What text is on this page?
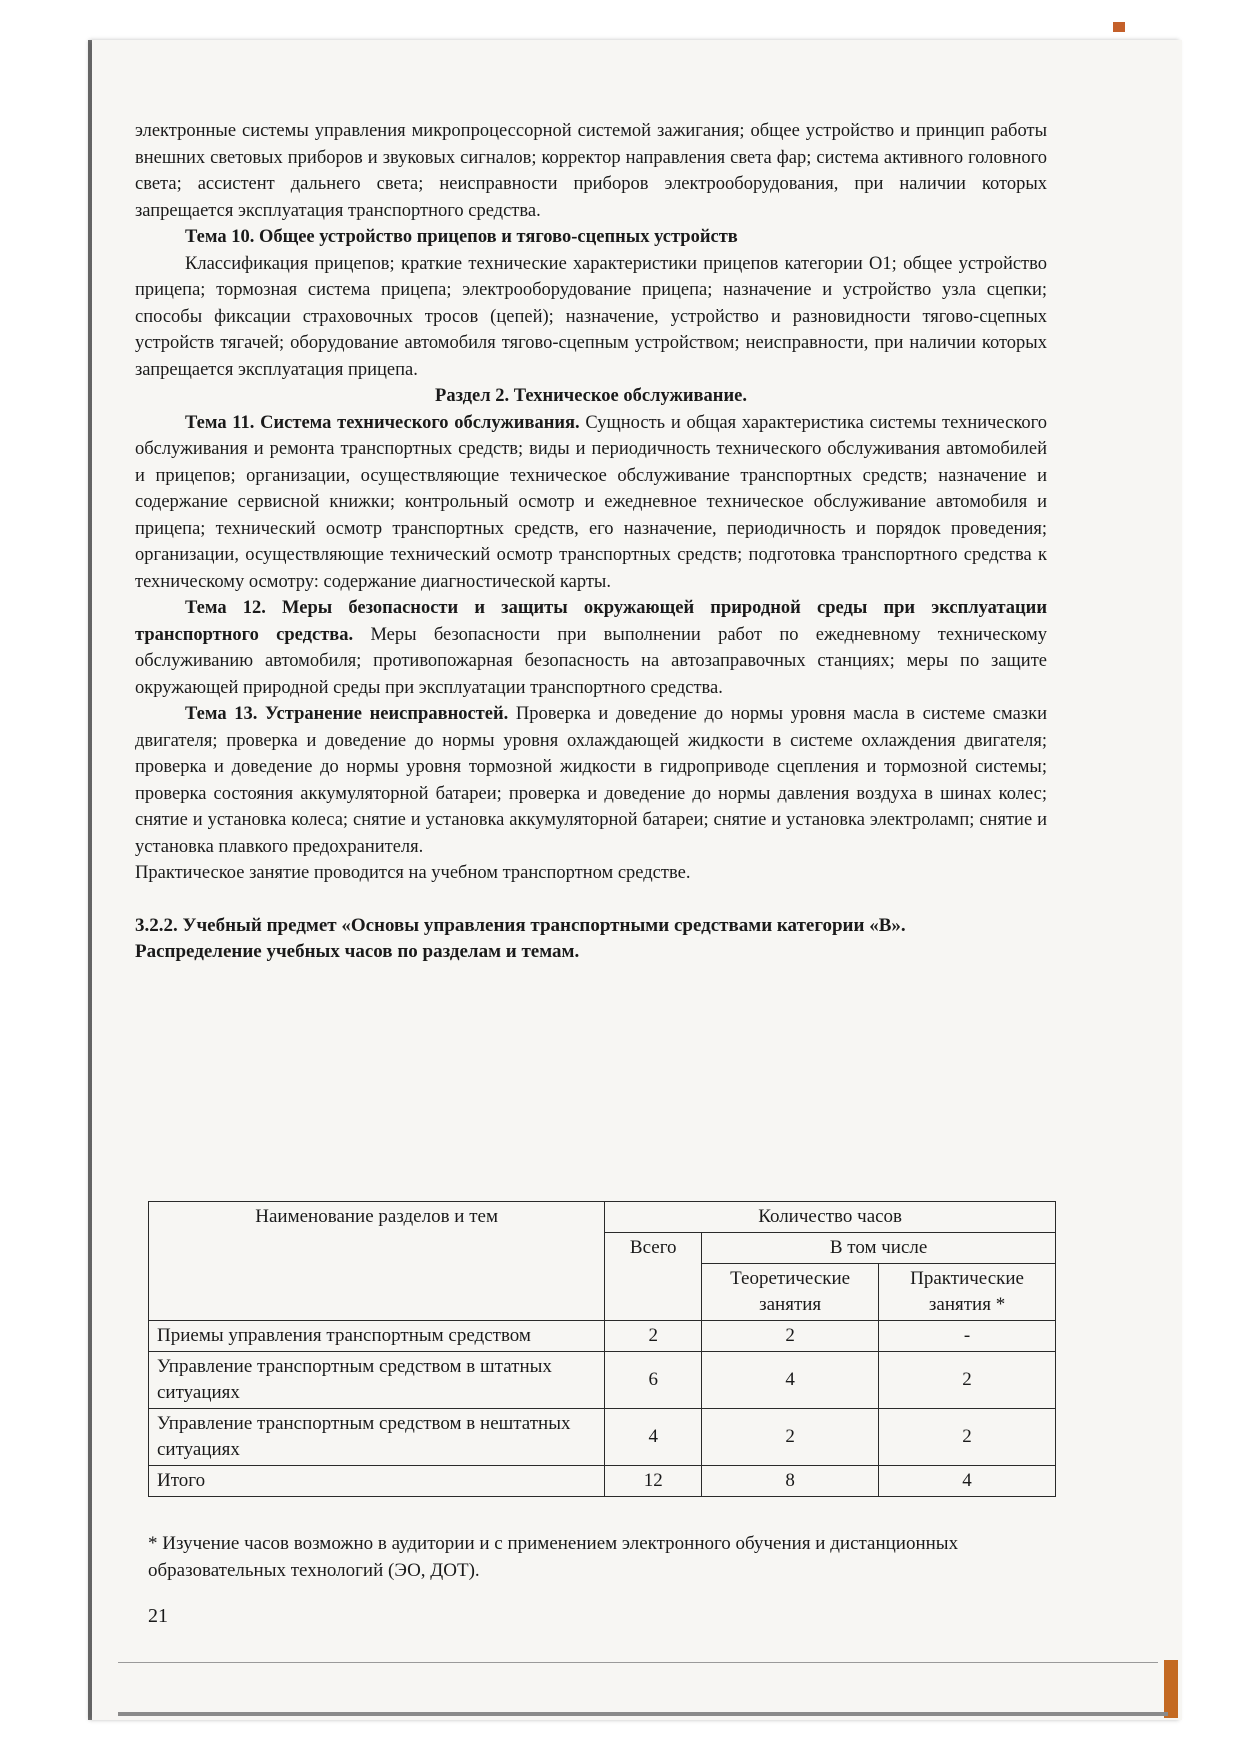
электронные системы управления микропроцессорной системой зажигания; общее устройство и принцип работы внешних световых приборов и звуковых сигналов; корректор направления света фар; система активного головного света; ассистент дальнего света; неисправности приборов электрооборудования, при наличии которых запрещается эксплуатация транспортного средства.

Тема 10. Общее устройство прицепов и тягово-сцепных устройств

Классификация прицепов; краткие технические характеристики прицепов категории О1; общее устройство прицепа; тормозная система прицепа; электрооборудование прицепа; назначение и устройство узла сцепки; способы фиксации страховочных тросов (цепей); назначение, устройство и разновидности тягово-сцепных устройств тягачей; оборудование автомобиля тягово-сцепным устройством; неисправности, при наличии которых запрещается эксплуатация прицепа.

Раздел 2. Техническое обслуживание.

Тема 11. Система технического обслуживания. Сущность и общая характеристика системы технического обслуживания и ремонта транспортных средств; виды и периодичность технического обслуживания автомобилей и прицепов; организации, осуществляющие техническое обслуживание транспортных средств; назначение и содержание сервисной книжки; контрольный осмотр и ежедневное техническое обслуживание автомобиля и прицепа; технический осмотр транспортных средств, его назначение, периодичность и порядок проведения; организации, осуществляющие технический осмотр транспортных средств; подготовка транспортного средства к техническому осмотру: содержание диагностической карты.

Тема 12. Меры безопасности и защиты окружающей природной среды при эксплуатации транспортного средства. Меры безопасности при выполнении работ по ежедневному техническому обслуживанию автомобиля; противопожарная безопасность на автозаправочных станциях; меры по защите окружающей природной среды при эксплуатации транспортного средства.

Тема 13. Устранение неисправностей. Проверка и доведение до нормы уровня масла в системе смазки двигателя; проверка и доведение до нормы уровня охлаждающей жидкости в системе охлаждения двигателя; проверка и доведение до нормы уровня тормозной жидкости в гидроприводе сцепления и тормозной системы; проверка состояния аккумуляторной батареи; проверка и доведение до нормы давления воздуха в шинах колес; снятие и установка колеса; снятие и установка аккумуляторной батареи; снятие и установка электроламп; снятие и установка плавкого предохранителя.

Практическое занятие проводится на учебном транспортном средстве.

3.2.2. Учебный предмет «Основы управления транспортными средствами категории «B».

Распределение учебных часов по разделам и темам.

Наименование разделов и тем	Количество часов		
	Всего	В том числе	
		Теоретические занятия	Практические занятия *
Приемы управления транспортным средством	2	2	-
Управление транспортным средством в штатных ситуациях	6	4	2
Управление транспортным средством в нештатных ситуациях	4	2	2
Итого	12	8	4
* Изучение часов возможно в аудитории и с применением электронного обучения и дистанционных образовательных технологий (ЭО, ДОТ).
21
